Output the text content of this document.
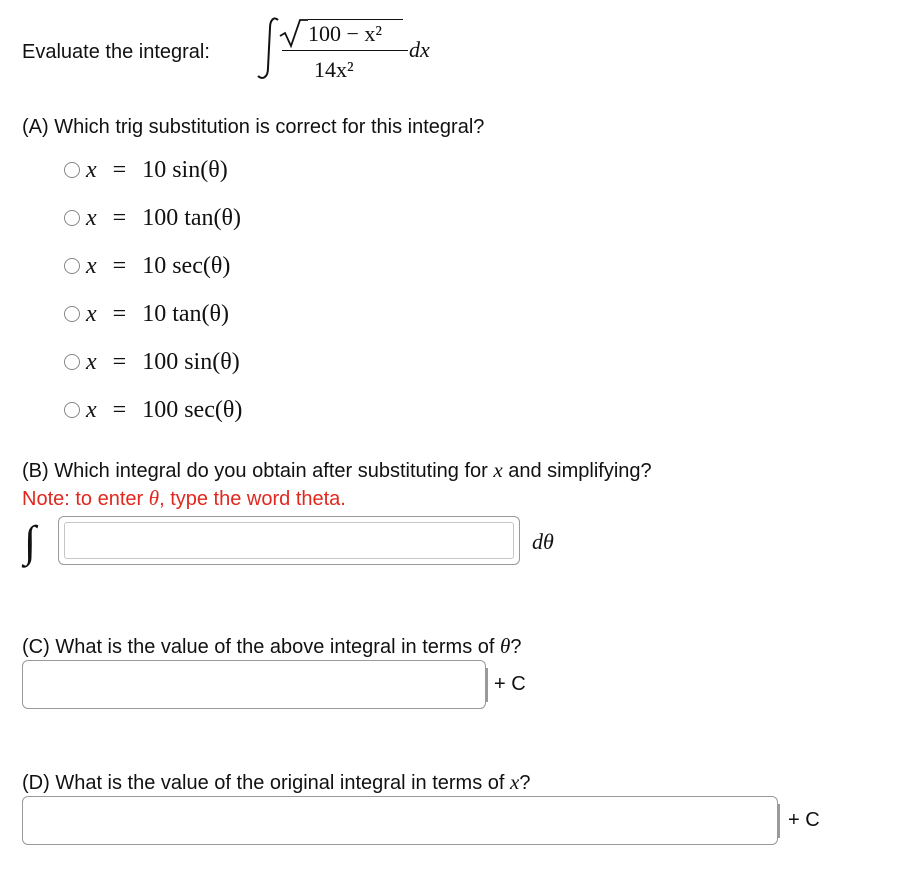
Evaluate the integral:
100 − x²
14x²
dx
(A) Which trig substitution is correct for this integral?
x = 10 sin(θ)
x = 100 tan(θ)
x = 10 sec(θ)
x = 10 tan(θ)
x = 100 sin(θ)
x = 100 sec(θ)
(B) Which integral do you obtain after substituting for x and simplifying?
Note: to enter θ, type the word theta.
∫	dθ
(C) What is the value of the above integral in terms of θ?
+ C
(D) What is the value of the original integral in terms of x?
+ C
